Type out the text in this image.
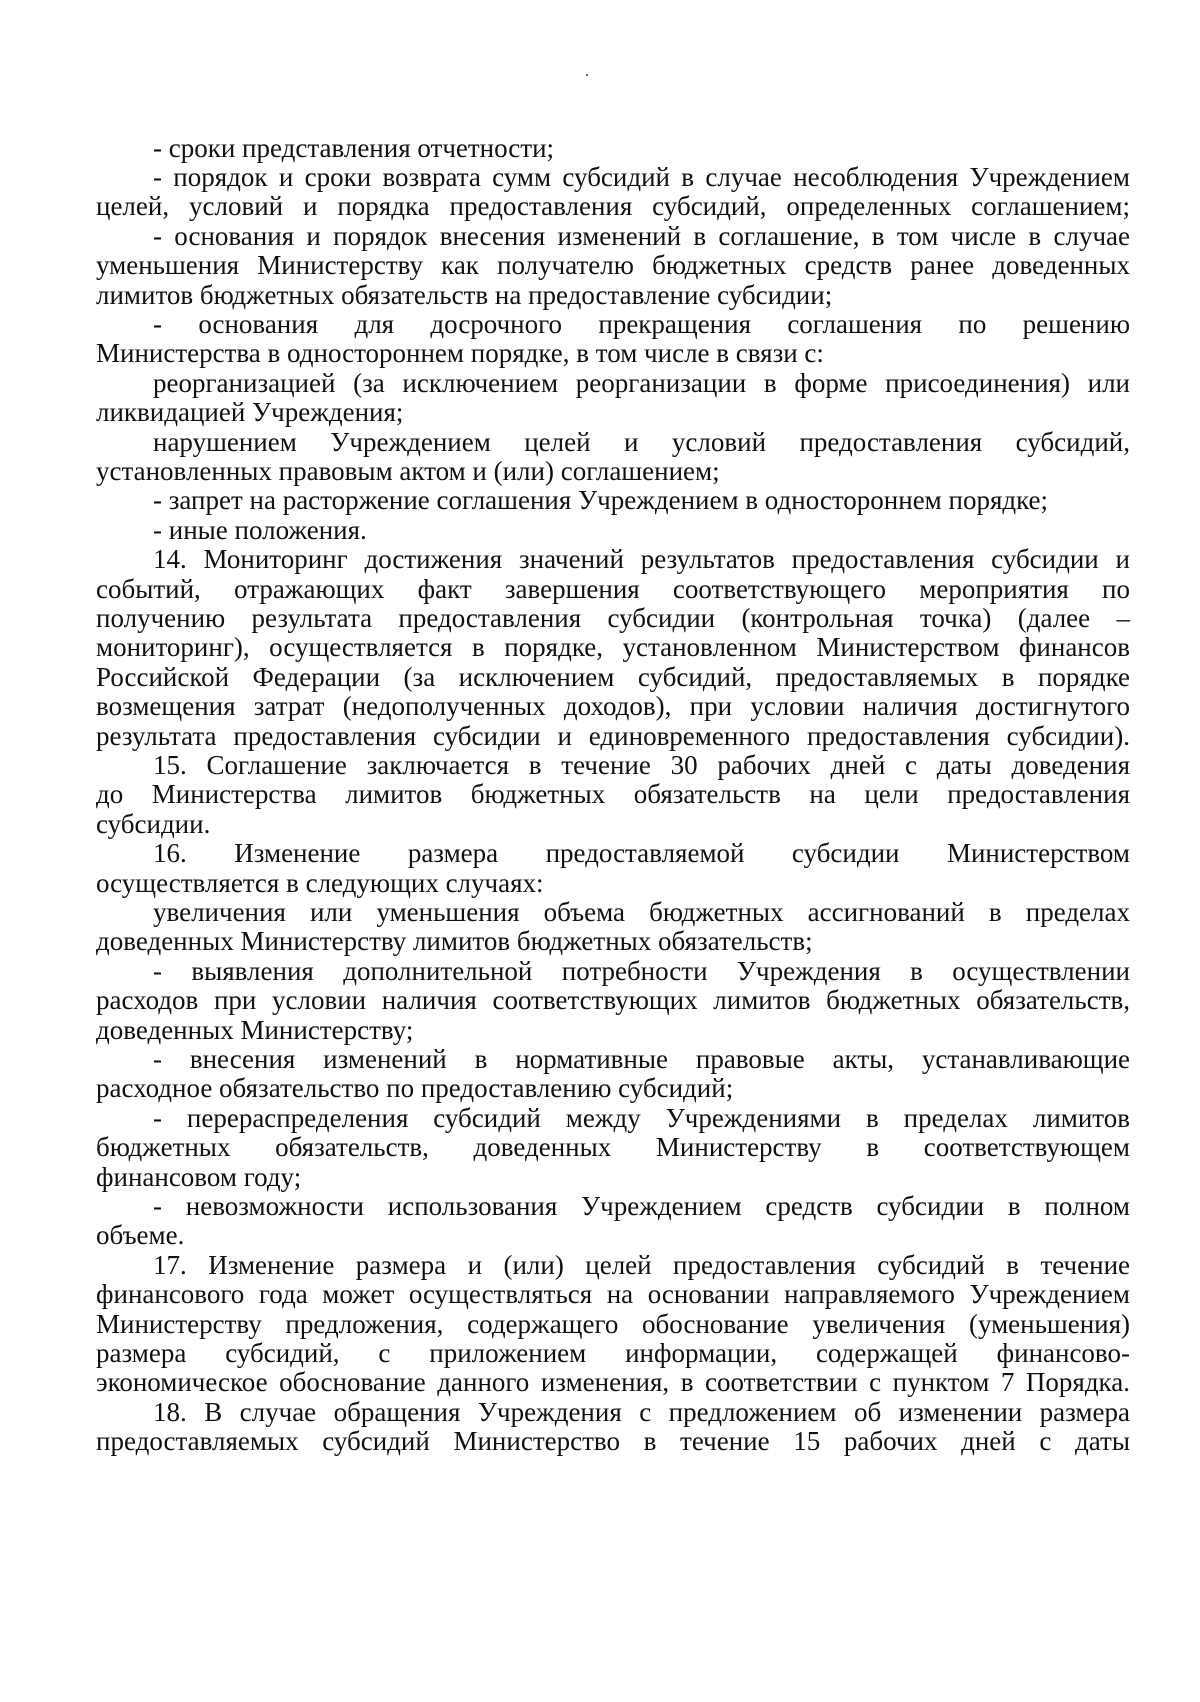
- сроки представления отчетности;
- порядок и сроки возврата сумм субсидий в случае несоблюдения Учреждением
целей, условий и порядка предоставления субсидий, определенных соглашением;
- основания и порядок внесения изменений в соглашение, в том числе в случае
уменьшения Министерству как получателю бюджетных средств ранее доведенных
лимитов бюджетных обязательств на предоставление субсидии;
- основания для досрочного прекращения соглашения по решению
Министерства в одностороннем порядке, в том числе в связи с:
реорганизацией (за исключением реорганизации в форме присоединения) или
ликвидацией Учреждения;
нарушением Учреждением целей и условий предоставления субсидий,
установленных правовым актом и (или) соглашением;
- запрет на расторжение соглашения Учреждением в одностороннем порядке;
- иные положения.
14. Мониторинг достижения значений результатов предоставления субсидии и
событий, отражающих факт завершения соответствующего мероприятия по
получению результата предоставления субсидии (контрольная точка) (далее –
мониторинг), осуществляется в порядке, установленном Министерством финансов
Российской Федерации (за исключением субсидий, предоставляемых в порядке
возмещения затрат (недополученных доходов), при условии наличия достигнутого
результата предоставления субсидии и единовременного предоставления субсидии).
15. Соглашение заключается в течение 30 рабочих дней с даты доведения
до Министерства лимитов бюджетных обязательств на цели предоставления
субсидии.
16. Изменение размера предоставляемой субсидии Министерством
осуществляется в следующих случаях:
увеличения или уменьшения объема бюджетных ассигнований в пределах
доведенных Министерству лимитов бюджетных обязательств;
- выявления дополнительной потребности Учреждения в осуществлении
расходов при условии наличия соответствующих лимитов бюджетных обязательств,
доведенных Министерству;
- внесения изменений в нормативные правовые акты, устанавливающие
расходное обязательство по предоставлению субсидий;
- перераспределения субсидий между Учреждениями в пределах лимитов
бюджетных обязательств, доведенных Министерству в соответствующем
финансовом году;
- невозможности использования Учреждением средств субсидии в полном
объеме.
17. Изменение размера и (или) целей предоставления субсидий в течение
финансового года может осуществляться на основании направляемого Учреждением
Министерству предложения, содержащего обоснование увеличения (уменьшения)
размера субсидий, с приложением информации, содержащей финансово-
экономическое обоснование данного изменения, в соответствии с пунктом 7 Порядка.
18. В случае обращения Учреждения с предложением об изменении размера
предоставляемых субсидий Министерство в течение 15 рабочих дней с даты
